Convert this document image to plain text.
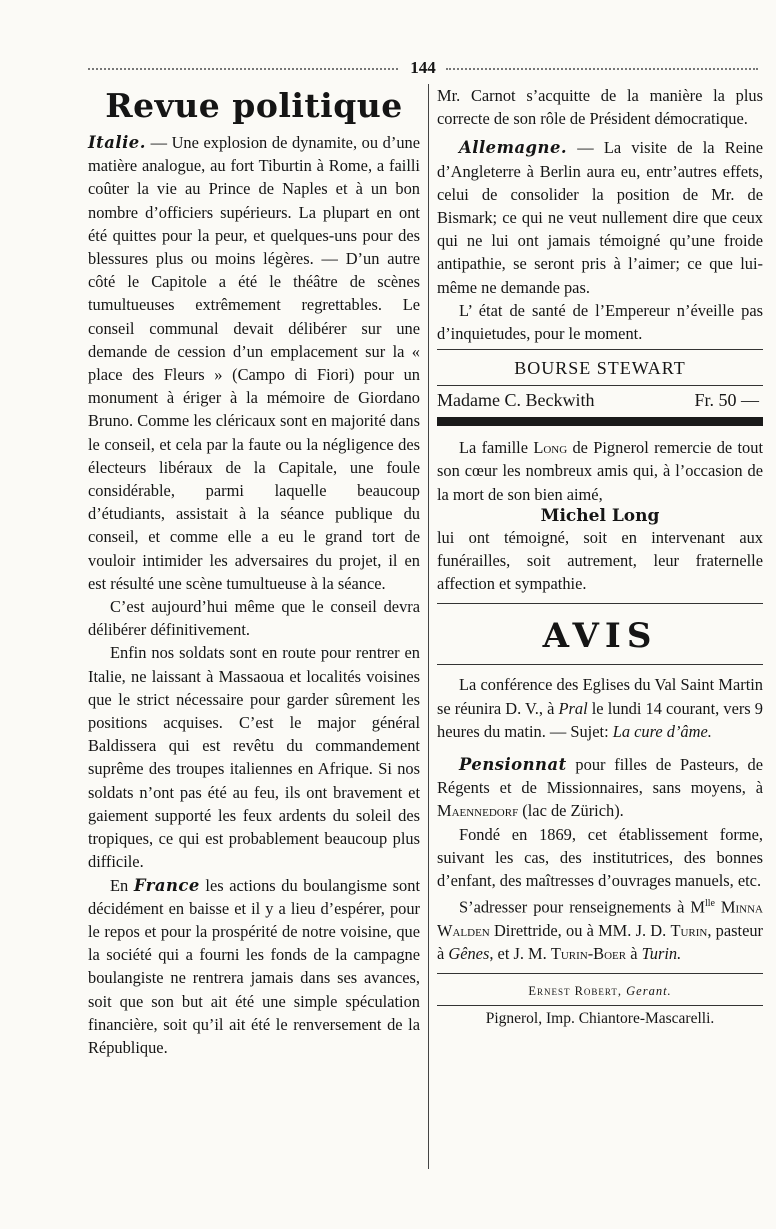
144
Revue politique

Italie. — Une explosion de dynamite, ou d’une matière analogue, au fort Tiburtin à Rome, a failli coûter la vie au Prince de Naples et à un bon nombre d’officiers supérieurs. La plupart en ont été quittes pour la peur, et quelques-uns pour des blessures plus ou moins légères. — D’un autre côté le Capitole a été le théâtre de scènes tumultueuses extrêmement regrettables. Le conseil communal devait délibérer sur une demande de cession d’un emplacement sur la « place des Fleurs » (Campo di Fiori) pour un monument à ériger à la mémoire de Giordano Bruno. Comme les cléricaux sont en majorité dans le conseil, et cela par la faute ou la négligence des électeurs libéraux de la Capitale, une foule considérable, parmi laquelle beaucoup d’étudiants, assistait à la séance publique du conseil, et comme elle a eu le grand tort de vouloir intimider les adversaires du projet, il en est résulté une scène tumultueuse à la séance.

C’est aujourd’hui même que le conseil devra délibérer définitivement.

Enfin nos soldats sont en route pour rentrer en Italie, ne laissant à Massaoua et localités voisines que le strict nécessaire pour garder sûrement les positions acquises. C’est le major général Baldissera qui est revêtu du commandement suprême des troupes italiennes en Afrique. Si nos soldats n’ont pas été au feu, ils ont bravement et gaiement supporté les feux ardents du soleil des tropiques, ce qui est probablement beaucoup plus difficile.

En France les actions du boulangisme sont décidément en baisse et il y a lieu d’espérer, pour le repos et pour la prospérité de notre voisine, que la société qui a fourni les fonds de la campagne boulangiste ne rentrera jamais dans ses avances, soit que son but ait été une simple spéculation financière, soit qu’il ait été le renversement de la République.

Mr. Carnot s’acquitte de la manière la plus correcte de son rôle de Président démocratique.

Allemagne. — La visite de la Reine d’Angleterre à Berlin aura eu, entr’autres effets, celui de consolider la position de Mr. de Bismark; ce qui ne veut nullement dire que ceux qui ne lui ont jamais témoigné qu’une froide antipathie, se seront pris à l’aimer; ce que lui-même ne demande pas.

L’ état de santé de l’Empereur n’éveille pas d’inquietudes, pour le moment.

BOURSE STEWART
Madame C. Beckwith	Fr. 50 —

La famille Long de Pignerol remercie de tout son cœur les nombreux amis qui, à l’occasion de la mort de son bien aimé,

Michel Long

lui ont témoigné, soit en intervenant aux funérailles, soit autrement, leur fraternelle affection et sympathie.

AVIS

La conférence des Eglises du Val Saint Martin se réunira D. V., à Pral le lundi 14 courant, vers 9 heures du matin. — Sujet: La cure d’âme.

Pensionnat pour filles de Pasteurs, de Régents et de Missionnaires, sans moyens, à Maennedorf (lac de Zürich).

Fondé en 1869, cet établissement forme, suivant les cas, des institutrices, des bonnes d’enfant, des maîtresses d’ouvrages manuels, etc.

S’adresser pour renseignements à $M^{lle}$ Minna Walden Direttride, ou à MM. J. D. Turin, pasteur à Gênes, et J. M. Turin-Boer à Turin.

Ernest Robert, Gerant.

Pignerol, Imp. Chiantore-Mascarelli.
